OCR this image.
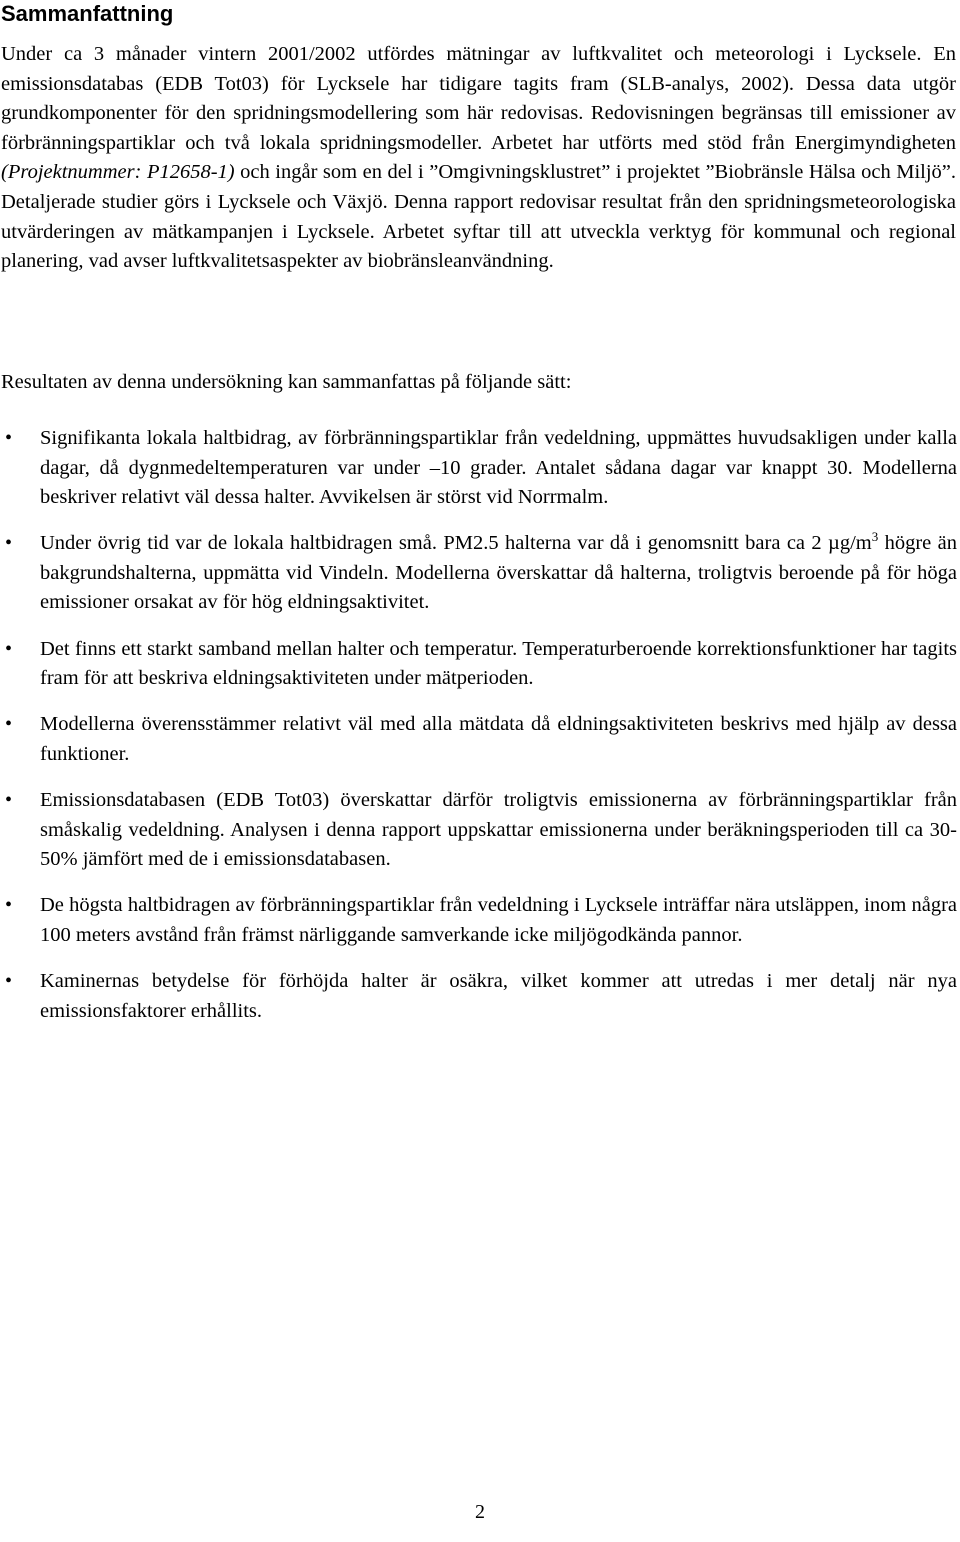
Sammanfattning

Under ca 3 månader vintern 2001/2002 utfördes mätningar av luftkvalitet och meteorologi i Lycksele. En emissionsdatabas (EDB Tot03) för Lycksele har tidigare tagits fram (SLB-analys, 2002). Dessa data utgör grundkomponenter för den spridningsmodellering som här redovisas. Redovisningen begränsas till emissioner av förbränningspartiklar och två lokala spridningsmodeller. Arbetet har utförts med stöd från Energimyndigheten (Projektnummer: P12658-1) och ingår som en del i ”Omgivningsklustret” i projektet ”Biobränsle Hälsa och Miljö”. Detaljerade studier görs i Lycksele och Växjö. Denna rapport redovisar resultat från den spridningsmeteorologiska utvärderingen av mätkampanjen i Lycksele. Arbetet syftar till att utveckla verktyg för kommunal och regional planering, vad avser luftkvalitetsaspekter av biobränsleanvändning.

Resultaten av denna undersökning kan sammanfattas på följande sätt:

• Signifikanta lokala haltbidrag, av förbränningspartiklar från vedeldning, uppmättes huvudsakligen under kalla dagar, då dygnmedeltemperaturen var under –10 grader. Antalet sådana dagar var knappt 30. Modellerna beskriver relativt väl dessa halter. Avvikelsen är störst vid Norrmalm.
• Under övrig tid var de lokala haltbidragen små. PM2.5 halterna var då i genomsnitt bara ca 2 $\mu g/m^3$ högre än bakgrundshalterna, uppmätta vid Vindeln. Modellerna överskattar då halterna, troligtvis beroende på för höga emissioner orsakat av för hög eldningsaktivitet.
• Det finns ett starkt samband mellan halter och temperatur. Temperaturberoende korrektionsfunktioner har tagits fram för att beskriva eldningsaktiviteten under mätperioden.
• Modellerna överensstämmer relativt väl med alla mätdata då eldningsaktiviteten beskrivs med hjälp av dessa funktioner.
• Emissionsdatabasen (EDB Tot03) överskattar därför troligtvis emissionerna av förbränningspartiklar från småskalig vedeldning. Analysen i denna rapport uppskattar emissionerna under beräkningsperioden till ca 30-50% jämfört med de i emissionsdatabasen.
• De högsta haltbidragen av förbränningspartiklar från vedeldning i Lycksele inträffar nära utsläppen, inom några 100 meters avstånd från främst närliggande samverkande icke miljögodkända pannor.
• Kaminernas betydelse för förhöjda halter är osäkra, vilket kommer att utredas i mer detalj när nya emissionsfaktorer erhållits.
2
